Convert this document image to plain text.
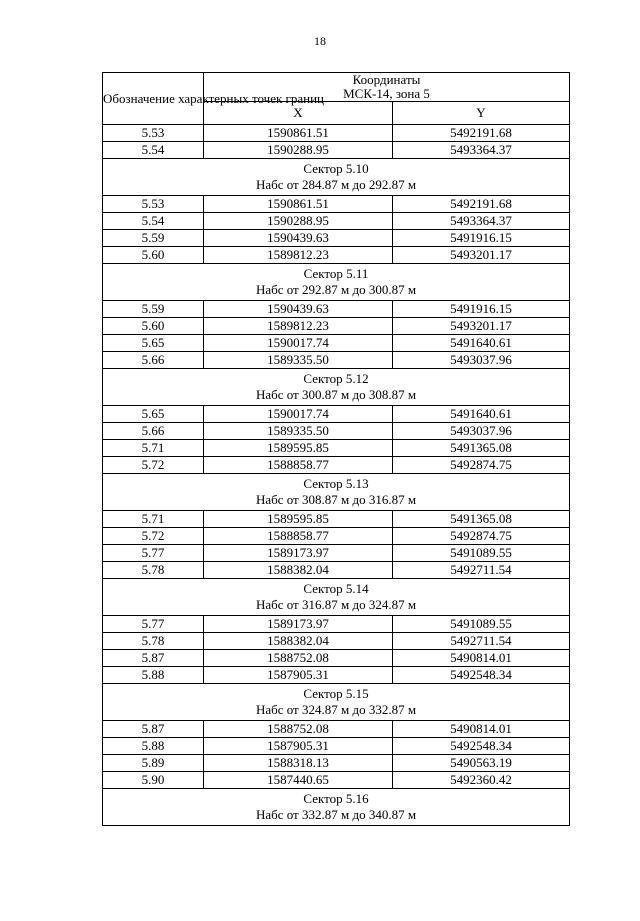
18
Обозначение характерных точек границ	Координаты
МСК-14, зона 5	

	X	Y
5.53	1590861.51	5492191.68
5.54	1590288.95	5493364.37

Сектор 5.10
Набс от 284.87 м до 292.87 м		

5.53	1590861.51	5492191.68
5.54	1590288.95	5493364.37
5.59	1590439.63	5491916.15
5.60	1589812.23	5493201.17

Сектор 5.11
Набс от 292.87 м до 300.87 м		

5.59	1590439.63	5491916.15
5.60	1589812.23	5493201.17
5.65	1590017.74	5491640.61
5.66	1589335.50	5493037.96

Сектор 5.12
Набс от 300.87 м до 308.87 м		

5.65	1590017.74	5491640.61
5.66	1589335.50	5493037.96
5.71	1589595.85	5491365.08
5.72	1588858.77	5492874.75

Сектор 5.13
Набс от 308.87 м до 316.87 м		

5.71	1589595.85	5491365.08
5.72	1588858.77	5492874.75
5.77	1589173.97	5491089.55
5.78	1588382.04	5492711.54

Сектор 5.14
Набс от 316.87 м до 324.87 м		

5.77	1589173.97	5491089.55
5.78	1588382.04	5492711.54
5.87	1588752.08	5490814.01
5.88	1587905.31	5492548.34

Сектор 5.15
Набс от 324.87 м до 332.87 м		

5.87	1588752.08	5490814.01
5.88	1587905.31	5492548.34
5.89	1588318.13	5490563.19
5.90	1587440.65	5492360.42

Сектор 5.16
Набс от 332.87 м до 340.87 м		
